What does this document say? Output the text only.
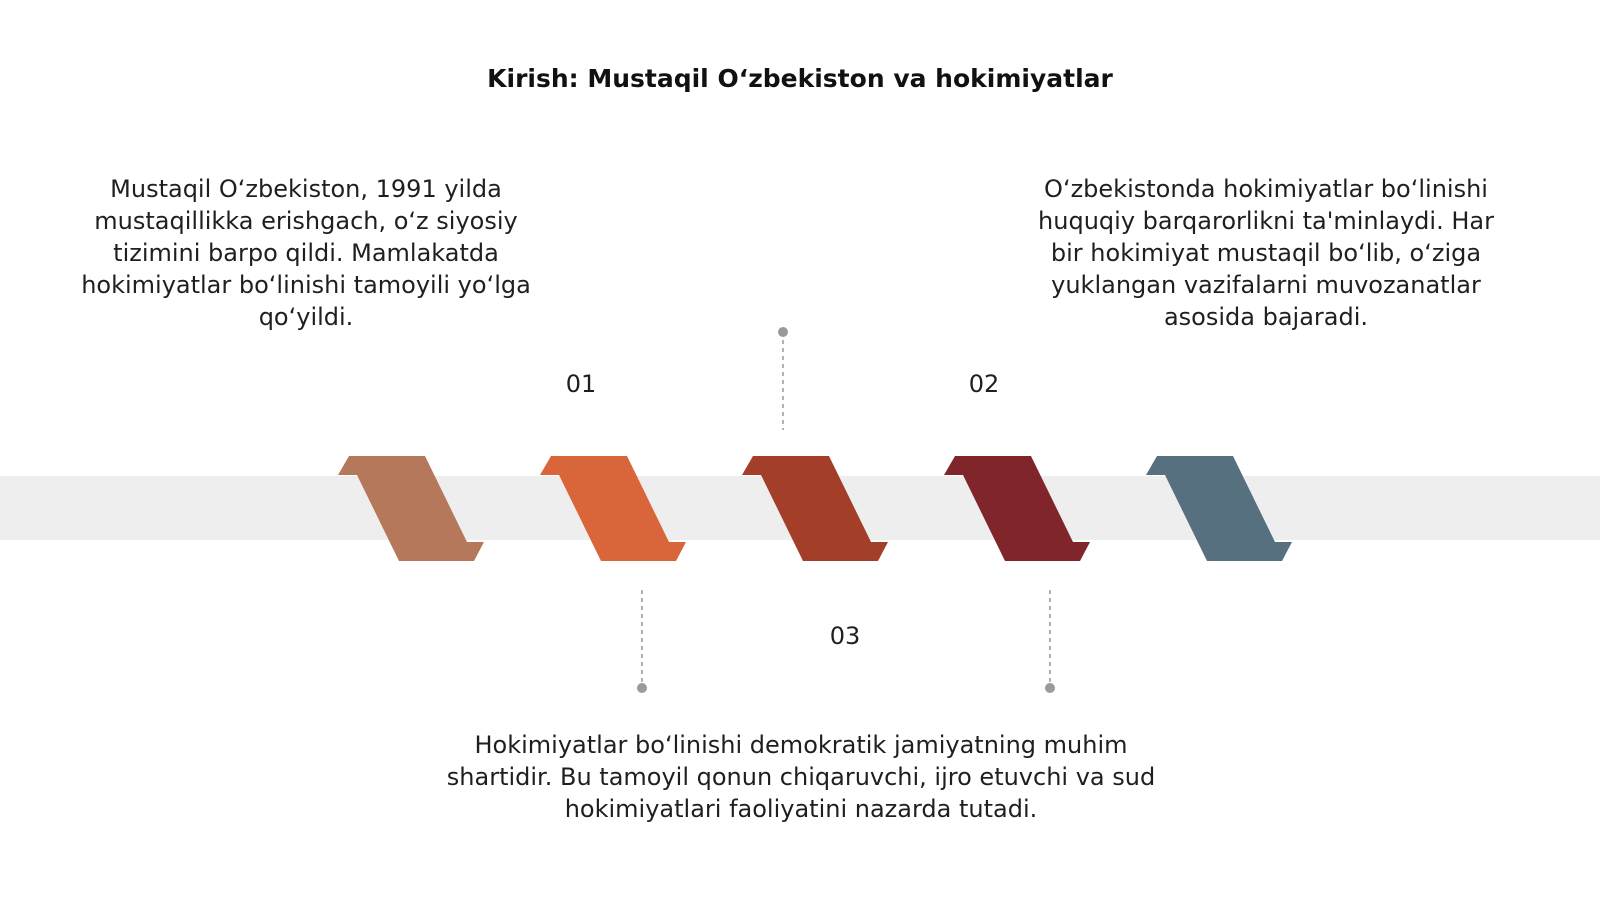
Kirish: Mustaqil O‘zbekiston va hokimiyatlar
01	02
03
Mustaqil O‘zbekiston, 1991 yilda mustaqillikka erishgach, o‘z siyosiy tizimini barpo qildi. Mamlakatda hokimiyatlar bo‘linishi tamoyili yo‘lga qo‘yildi.
O‘zbekistonda hokimiyatlar bo‘linishi huquqiy barqarorlikni ta'minlaydi. Har bir hokimiyat mustaqil bo‘lib, o‘ziga yuklangan vazifalarni muvozanatlar asosida bajaradi.
Hokimiyatlar bo‘linishi demokratik jamiyatning muhim shartidir. Bu tamoyil qonun chiqaruvchi, ijro etuvchi va sud hokimiyatlari faoliyatini nazarda tutadi.
